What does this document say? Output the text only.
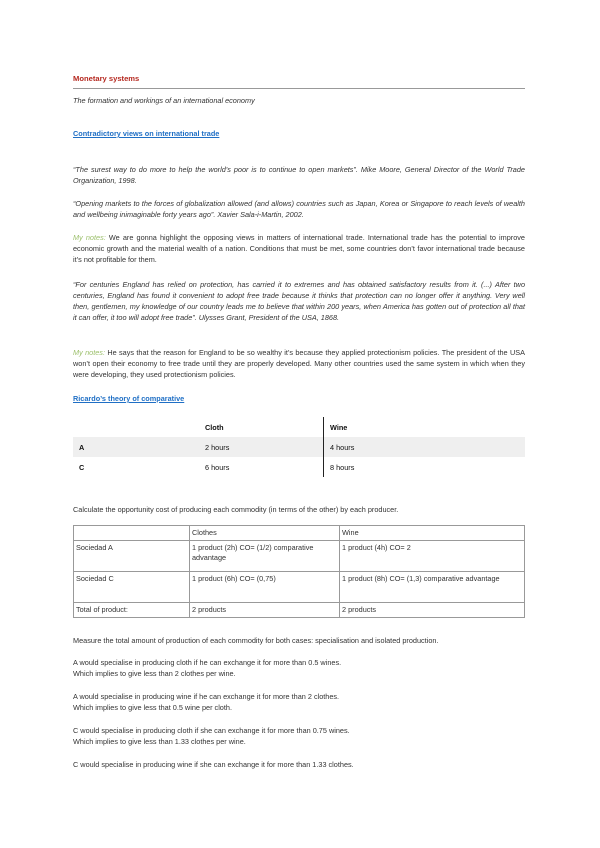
Monetary systems

The formation and workings of an international economy

Contradictory views on international trade

“The surest way to do more to help the world’s poor is to continue to open markets”. Mike Moore, General Director of the World Trade Organization, 1998.

“Opening markets to the forces of globalization allowed (and allows) countries such as Japan, Korea or Singapore to reach levels of wealth and wellbeing inimaginable forty years ago”. Xavier Sala-i-Martin, 2002.

My notes: We are gonna highlight the opposing views in matters of international trade. International trade has the potential to improve economic growth and the material wealth of a nation. Conditions that must be met, some countries don’t favor international trade because it’s not profitable for them.

“For centuries England has relied on protection, has carried it to extremes and has obtained satisfactory results from it. (...) After two centuries, England has found it convenient to adopt free trade because it thinks that protection can no longer offer it anything. Very well then, gentlemen, my knowledge of our country leads me to believe that within 200 years, when America has gotten out of protection all that it can offer, it too will adopt free trade”. Ulysses Grant, President of the USA, 1868.

My notes: He says that the reason for England to be so wealthy it’s because they applied protectionism policies. The president of the USA won’t open their economy to free trade until they are properly developed. Many other countries used the same system in which when they were developing, they used protectionism policies.

Ricardo’s theory of comparative

	Cloth	Wine
A	2 hours	4 hours
C	6 hours	8 hours

Calculate the opportunity cost of producing each commodity (in terms of the other) by each producer.

	Clothes	Wine
Sociedad A	1 product (2h) CO= (1/2) comparative advantage	1 product (4h) CO= 2
Sociedad C	1 product (6h) CO= (0,75)	1 product (8h) CO= (1,3) comparative advantage
Total of product:	2 products	2 products

Measure the total amount of production of each commodity for both cases: specialisation and isolated production.

A would specialise in producing cloth if he can exchange it for more than 0.5 wines.

Which implies to give less than 2 clothes per wine.

A would specialise in producing wine if he can exchange it for more than 2 clothes.

Which implies to give less that 0.5 wine per cloth.

C would specialise in producing cloth if she can exchange it for more than 0.75 wines.

Which implies to give less than 1.33 clothes per wine.

C would specialise in producing wine if she can exchange it for more than 1.33 clothes.
